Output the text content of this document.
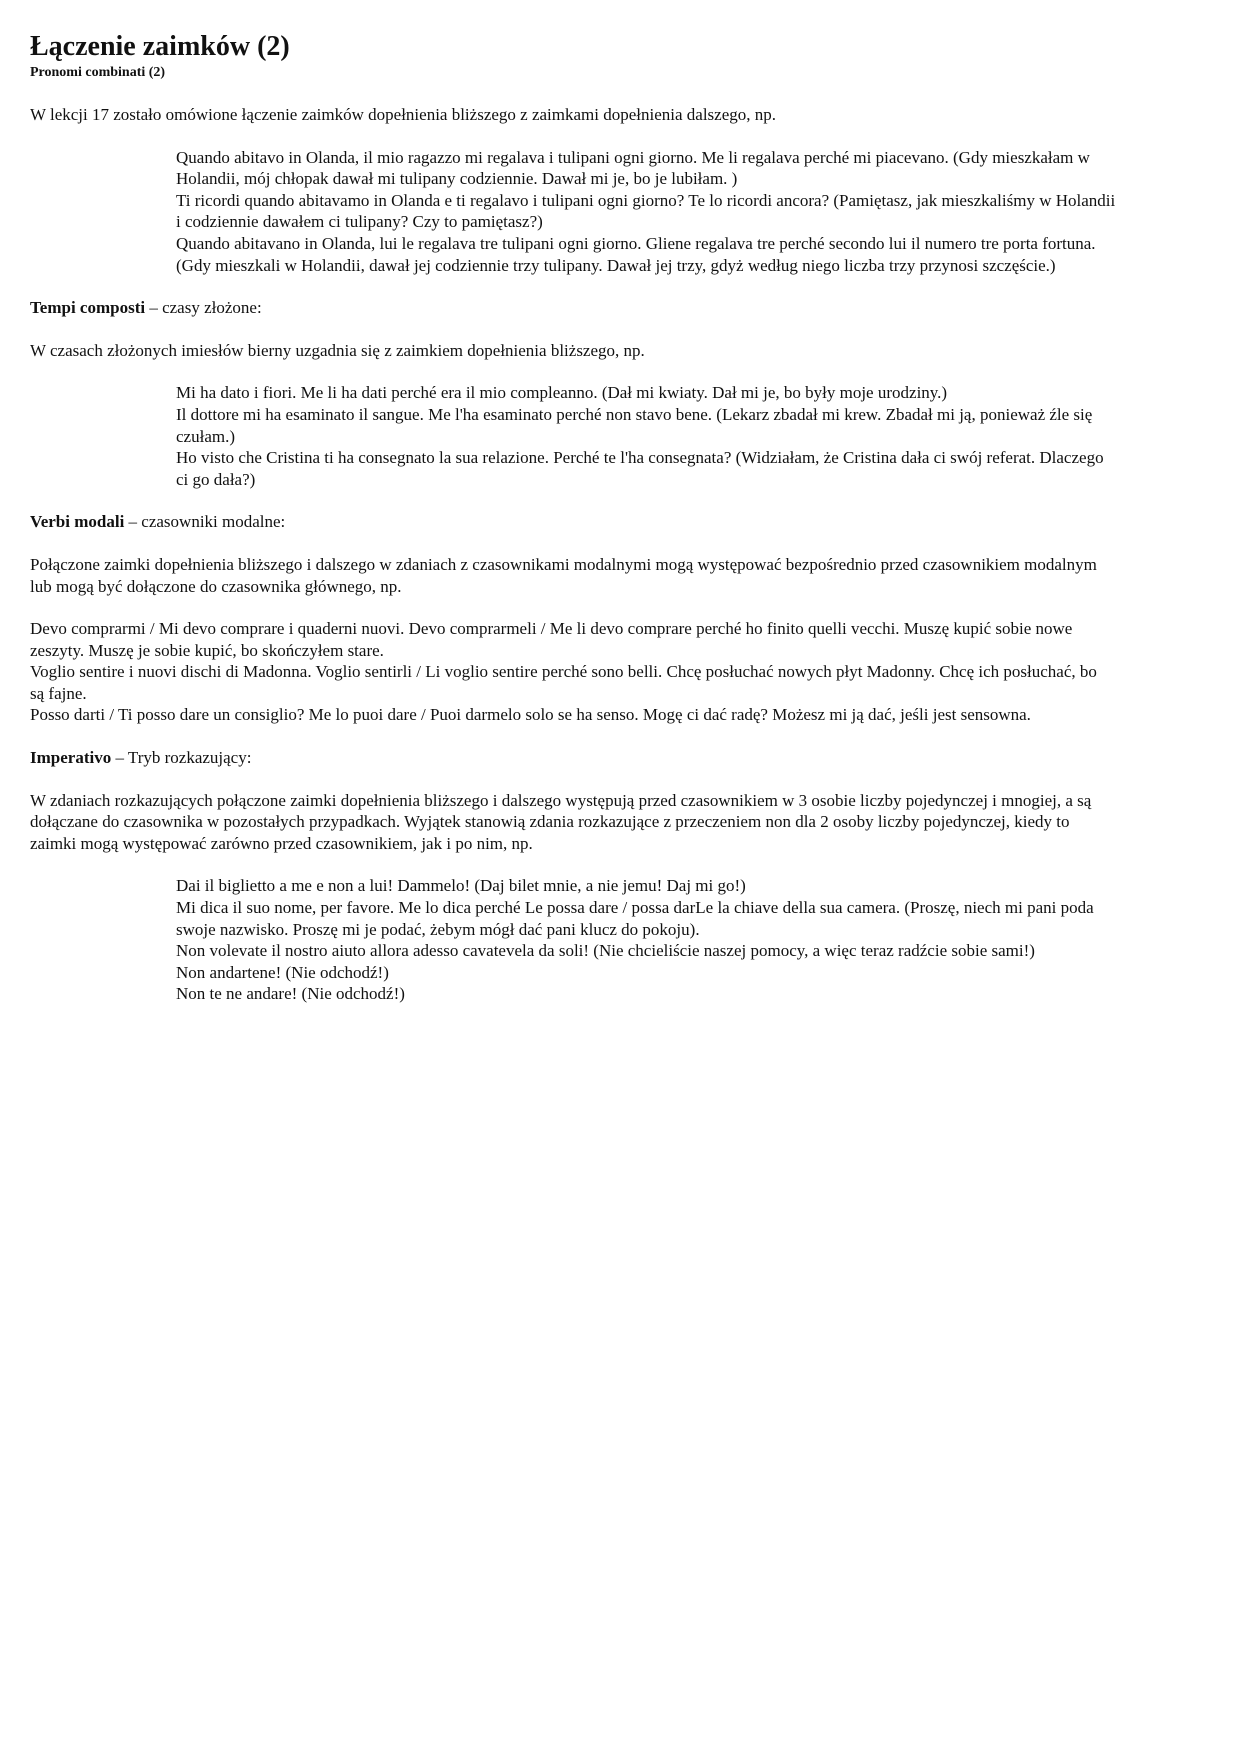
Łączenie zaimków (2)
Pronomi combinati (2)

W lekcji 17 zostało omówione łączenie zaimków dopełnienia bliższego z zaimkami dopełnienia dalszego, np.

Quando abitavo in Olanda, il mio ragazzo mi regalava i tulipani ogni giorno. Me li regalava perché mi piacevano. (Gdy mieszkałam w Holandii, mój chłopak dawał mi tulipany codziennie. Dawał mi je, bo je lubiłam. )

Ti ricordi quando abitavamo in Olanda e ti regalavo i tulipani ogni giorno? Te lo ricordi ancora? (Pamiętasz, jak mieszkaliśmy w Holandii i codziennie dawałem ci tulipany? Czy to pamiętasz?)

Quando abitavano in Olanda, lui le regalava tre tulipani ogni giorno. Gliene regalava tre perché secondo lui il numero tre porta fortuna. (Gdy mieszkali w Holandii, dawał jej codziennie trzy tulipany. Dawał jej trzy, gdyż według niego liczba trzy przynosi szczęście.)

Tempi composti – czasy złożone:

W czasach złożonych imiesłów bierny uzgadnia się z zaimkiem dopełnienia bliższego, np.

Mi ha dato i fiori. Me li ha dati perché era il mio compleanno. (Dał mi kwiaty. Dał mi je, bo były moje urodziny.)

Il dottore mi ha esaminato il sangue. Me l'ha esaminato perché non stavo bene. (Lekarz zbadał mi krew. Zbadał mi ją, ponieważ źle się czułam.)

Ho visto che Cristina ti ha consegnato la sua relazione. Perché te l'ha consegnata? (Widziałam, że Cristina dała ci swój referat. Dlaczego ci go dała?)

Verbi modali – czasowniki modalne:

Połączone zaimki dopełnienia bliższego i dalszego w zdaniach z czasownikami modalnymi mogą występować bezpośrednio przed czasownikiem modalnym lub mogą być dołączone do czasownika głównego, np.

Devo comprarmi / Mi devo comprare i quaderni nuovi. Devo comprarmeli / Me li devo comprare perché ho finito quelli vecchi. Muszę kupić sobie nowe zeszyty. Muszę je sobie kupić, bo skończyłem stare.

Voglio sentire i nuovi dischi di Madonna. Voglio sentirli / Li voglio sentire perché sono belli. Chcę posłuchać nowych płyt Madonny. Chcę ich posłuchać, bo są fajne.

Posso darti / Ti posso dare un consiglio? Me lo puoi dare / Puoi darmelo solo se ha senso. Mogę ci dać radę? Możesz mi ją dać, jeśli jest sensowna.

Imperativo – Tryb rozkazujący:

W zdaniach rozkazujących połączone zaimki dopełnienia bliższego i dalszego występują przed czasownikiem w 3 osobie liczby pojedynczej i mnogiej, a są dołączane do czasownika w pozostałych przypadkach. Wyjątek stanowią zdania rozkazujące z przeczeniem non dla 2 osoby liczby pojedynczej, kiedy to zaimki mogą występować zarówno przed czasownikiem, jak i po nim, np.

Dai il biglietto a me e non a lui! Dammelo! (Daj bilet mnie, a nie jemu! Daj mi go!)

Mi dica il suo nome, per favore. Me lo dica perché Le possa dare / possa darLe la chiave della sua camera. (Proszę, niech mi pani poda swoje nazwisko. Proszę mi je podać, żebym mógł dać pani klucz do pokoju).

Non volevate il nostro aiuto allora adesso cavatevela da soli! (Nie chcieliście naszej pomocy, a więc teraz radźcie sobie sami!)

Non andartene! (Nie odchodź!)

Non te ne andare! (Nie odchodź!)
